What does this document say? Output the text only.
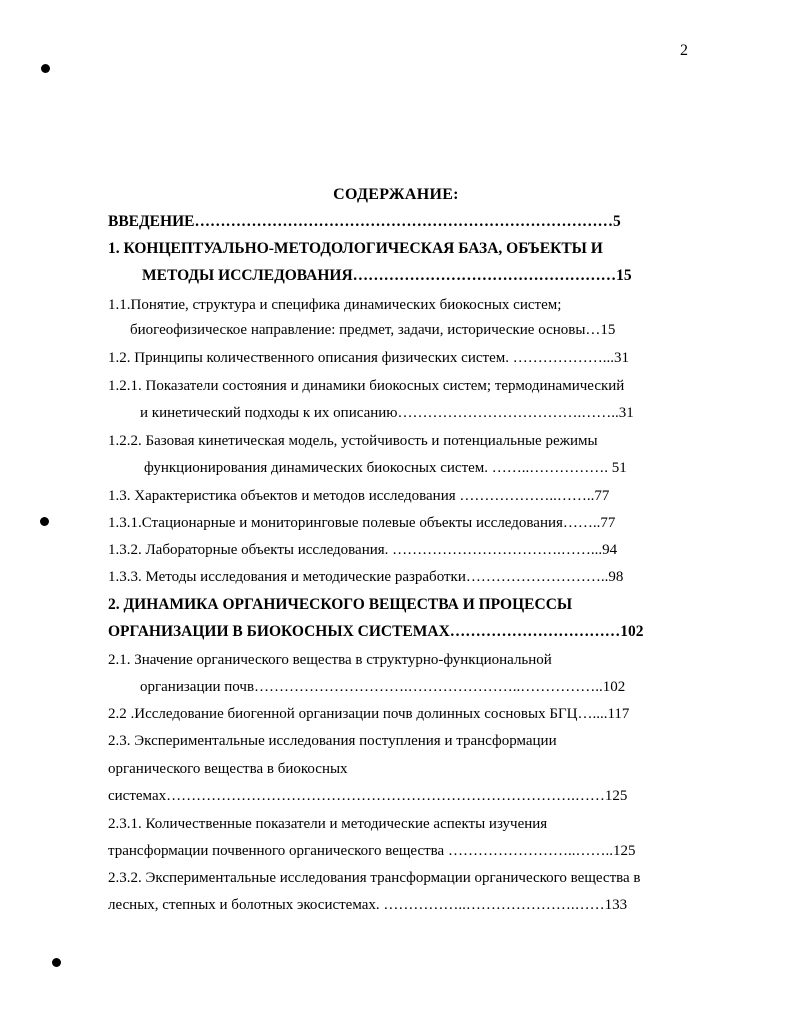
2
СОДЕРЖАНИЕ:
ВВЕДЕНИЕ………………………………………………………………………5
1. КОНЦЕПТУАЛЬНО-МЕТОДОЛОГИЧЕСКАЯ БАЗА, ОБЪЕКТЫ И
МЕТОДЫ ИССЛЕДОВАНИЯ……………………………………………15
1.1.Понятие, структура и специфика динамических биокосных систем;
биогеофизическое направление: предмет, задачи, исторические основы…15
1.2. Принципы количественного описания физических систем. ………………...31
1.2.1. Показатели состояния и динамики биокосных систем; термодинамический
и кинетический подходы к их описанию……………………………….……..31
1.2.2. Базовая кинетическая модель, устойчивость и потенциальные режимы
функционирования динамических биокосных систем. ……..……………. 51
1.3. Характеристика объектов и методов исследования ………………..……..77
1.3.1.Стационарные и мониторинговые полевые объекты исследования……..77
1.3.2. Лабораторные объекты исследования. …………………………….……...94
1.3.3. Методы исследования и методические разработки………………………..98
2. ДИНАМИКА ОРГАНИЧЕСКОГО ВЕЩЕСТВА И ПРОЦЕССЫ
ОРГАНИЗАЦИИ В БИОКОСНЫХ СИСТЕМАХ……………………………102
2.1. Значение органического вещества в структурно-функциональной
организации почв………………………….…………………..……………..102
2.2 .Исследование биогенной организации почв долинных сосновых БГЦ…....117
2.3. Экспериментальные исследования поступления и трансформации
органического вещества в биокосных
системах……………………………………………………………………….……125
2.3.1. Количественные показатели и методические аспекты изучения
трансформации почвенного органического вещества ……………………..……..125
2.3.2. Экспериментальные исследования трансформации органического вещества в
лесных, степных и болотных экосистемах. ……………..………………….……133
